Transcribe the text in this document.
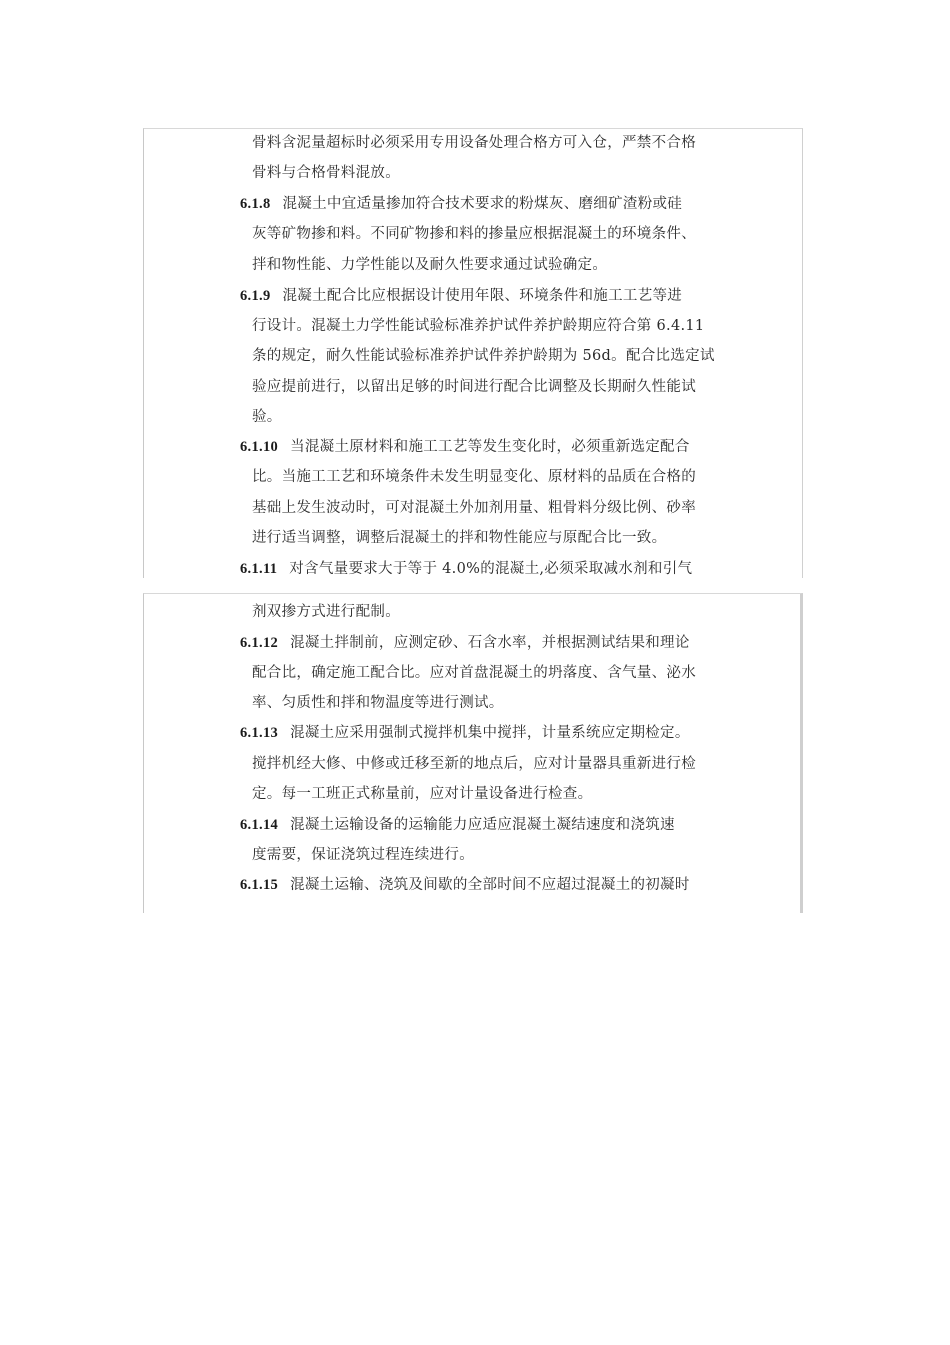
骨料含泥量超标时必须采用专用设备处理合格方可入仓，严禁不合格
骨料与合格骨料混放。
6.1.8 混凝土中宜适量掺加符合技术要求的粉煤灰、磨细矿渣粉或硅
灰等矿物掺和料。不同矿物掺和料的掺量应根据混凝土的环境条件、
拌和物性能、力学性能以及耐久性要求通过试验确定。
6.1.9 混凝土配合比应根据设计使用年限、环境条件和施工工艺等进
行设计。混凝土力学性能试验标准养护试件养护龄期应符合第 6.4.11
条的规定，耐久性能试验标准养护试件养护龄期为 56d。配合比选定试
验应提前进行，以留出足够的时间进行配合比调整及长期耐久性能试
验。
6.1.10 当混凝土原材料和施工工艺等发生变化时，必须重新选定配合
比。当施工工艺和环境条件未发生明显变化、原材料的品质在合格的
基础上发生波动时，可对混凝土外加剂用量、粗骨料分级比例、砂率
进行适当调整，调整后混凝土的拌和物性能应与原配合比一致。
6.1.11 对含气量要求大于等于 4.0%的混凝土,必须采取减水剂和引气
剂双掺方式进行配制。
6.1.12 混凝土拌制前，应测定砂、石含水率，并根据测试结果和理论
配合比，确定施工配合比。应对首盘混凝土的坍落度、含气量、泌水
率、匀质性和拌和物温度等进行测试。
6.1.13 混凝土应采用强制式搅拌机集中搅拌，计量系统应定期检定。
搅拌机经大修、中修或迁移至新的地点后，应对计量器具重新进行检
定。每一工班正式称量前，应对计量设备进行检查。
6.1.14 混凝土运输设备的运输能力应适应混凝土凝结速度和浇筑速
度需要，保证浇筑过程连续进行。
6.1.15 混凝土运输、浇筑及间歇的全部时间不应超过混凝土的初凝时
